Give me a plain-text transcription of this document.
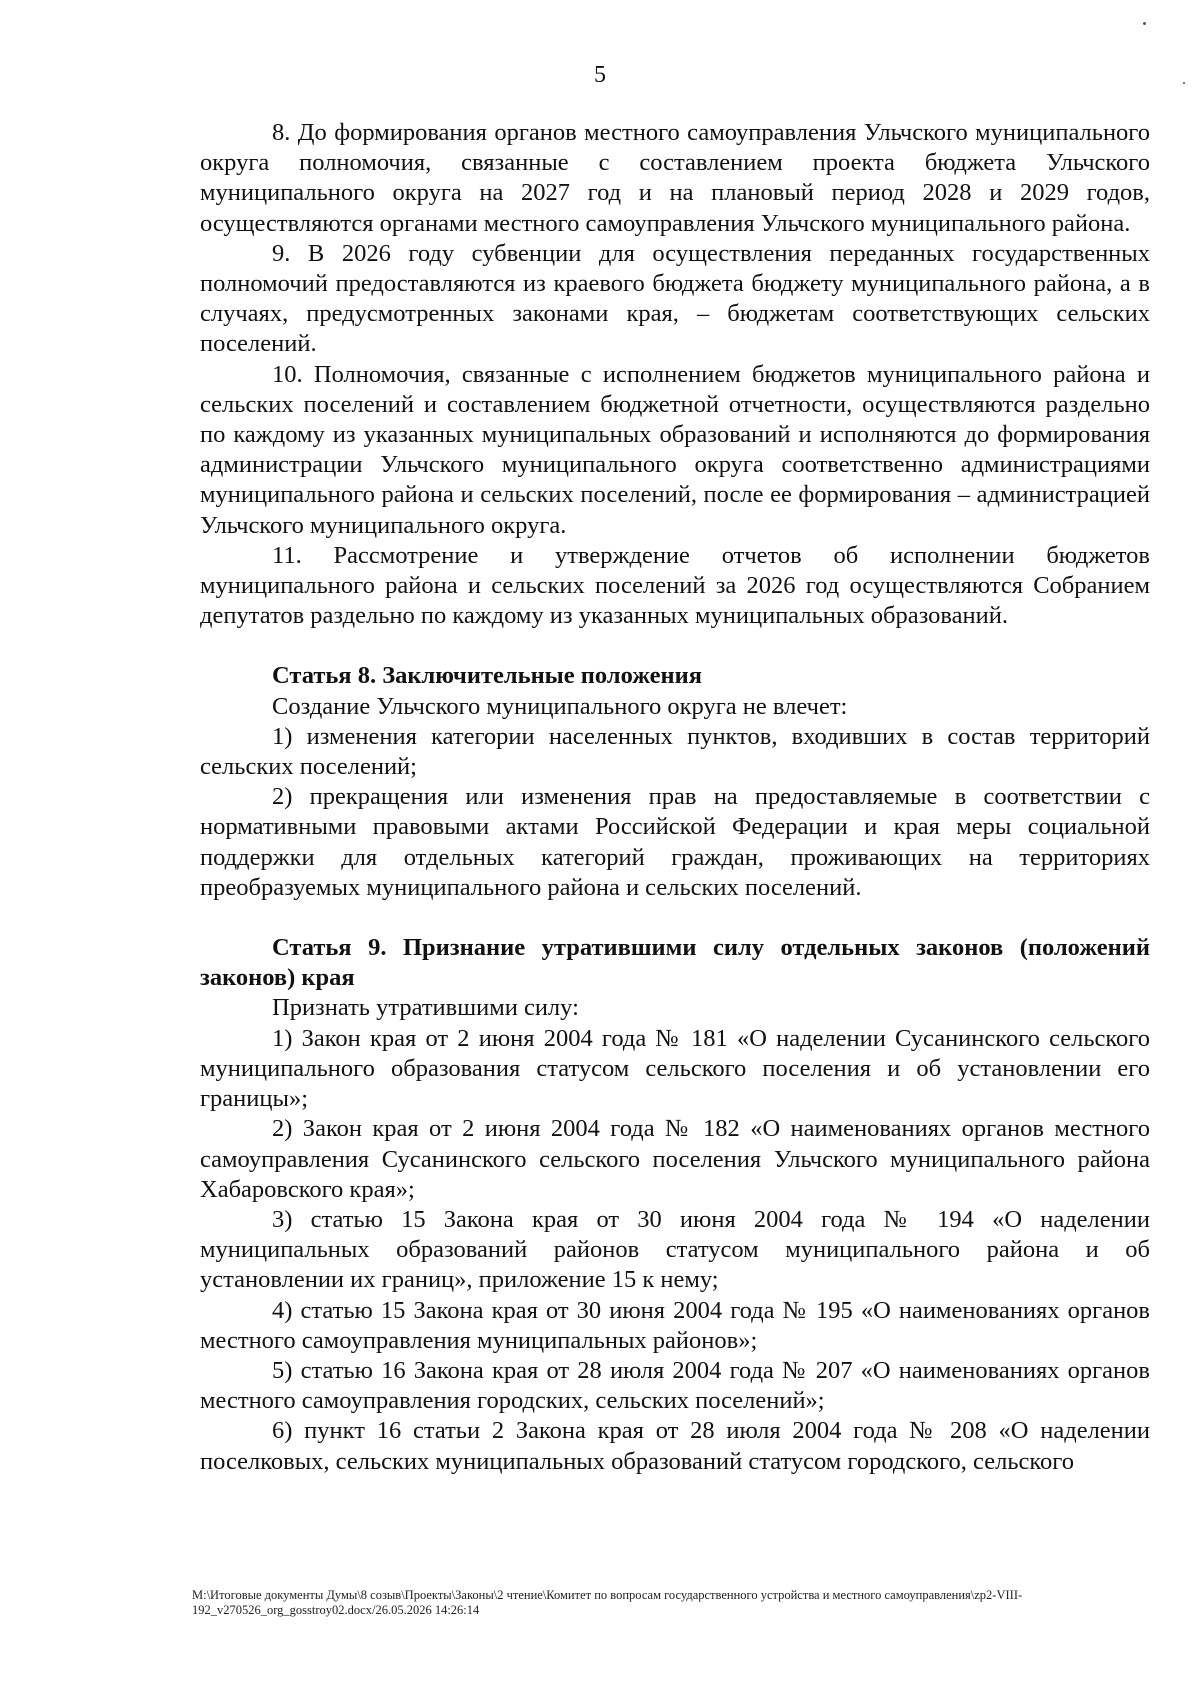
5

8. До формирования органов местного самоуправления Ульчского муниципального округа полномочия, связанные с составлением проекта бюджета Ульчского муниципального округа на 2027 год и на плановый период 2028 и 2029 годов, осуществляются органами местного самоуправления Ульчского муниципального района.

9. В 2026 году субвенции для осуществления переданных государственных полномочий предоставляются из краевого бюджета бюджету муниципального района, а в случаях, предусмотренных законами края, – бюджетам соответствующих сельских поселений.

10. Полномочия, связанные с исполнением бюджетов муниципального района и сельских поселений и составлением бюджетной отчетности, осуществляются раздельно по каждому из указанных муниципальных образований и исполняются до формирования администрации Ульчского муниципального округа соответственно администрациями муниципального района и сельских поселений, после ее формирования – администрацией Ульчского муниципального округа.

11. Рассмотрение и утверждение отчетов об исполнении бюджетов муниципального района и сельских поселений за 2026 год осуществляются Собранием депутатов раздельно по каждому из указанных муниципальных образований.

Статья 8. Заключительные положения

Создание Ульчского муниципального округа не влечет:

1) изменения категории населенных пунктов, входивших в состав территорий сельских поселений;

2) прекращения или изменения прав на предоставляемые в соответствии с нормативными правовыми актами Российской Федерации и края меры социальной поддержки для отдельных категорий граждан, проживающих на территориях преобразуемых муниципального района и сельских поселений.

Статья 9. Признание утратившими силу отдельных законов (положений законов) края

Признать утратившими силу:

1) Закон края от 2 июня 2004 года № 181 «О наделении Сусанинского сельского муниципального образования статусом сельского поселения и об установлении его границы»;

2) Закон края от 2 июня 2004 года № 182 «О наименованиях органов местного самоуправления Сусанинского сельского поселения Ульчского муниципального района Хабаровского края»;

3) статью 15 Закона края от 30 июня 2004 года № 194 «О наделении муниципальных образований районов статусом муниципального района и об установлении их границ», приложение 15 к нему;

4) статью 15 Закона края от 30 июня 2004 года № 195 «О наименованиях органов местного самоуправления муниципальных районов»;

5) статью 16 Закона края от 28 июля 2004 года № 207 «О наименованиях органов местного самоуправления городских, сельских поселений»;

6) пункт 16 статьи 2 Закона края от 28 июля 2004 года № 208 «О наделении поселковых, сельских муниципальных образований статусом городского, сельского

M:\Итоговые документы Думы\8 созыв\Проекты\Законы\2 чтение\Комитет по вопросам государственного устройства и местного самоуправления\zp2-VIII-192_v270526_org_gosstroy02.docx/26.05.2026 14:26:14
